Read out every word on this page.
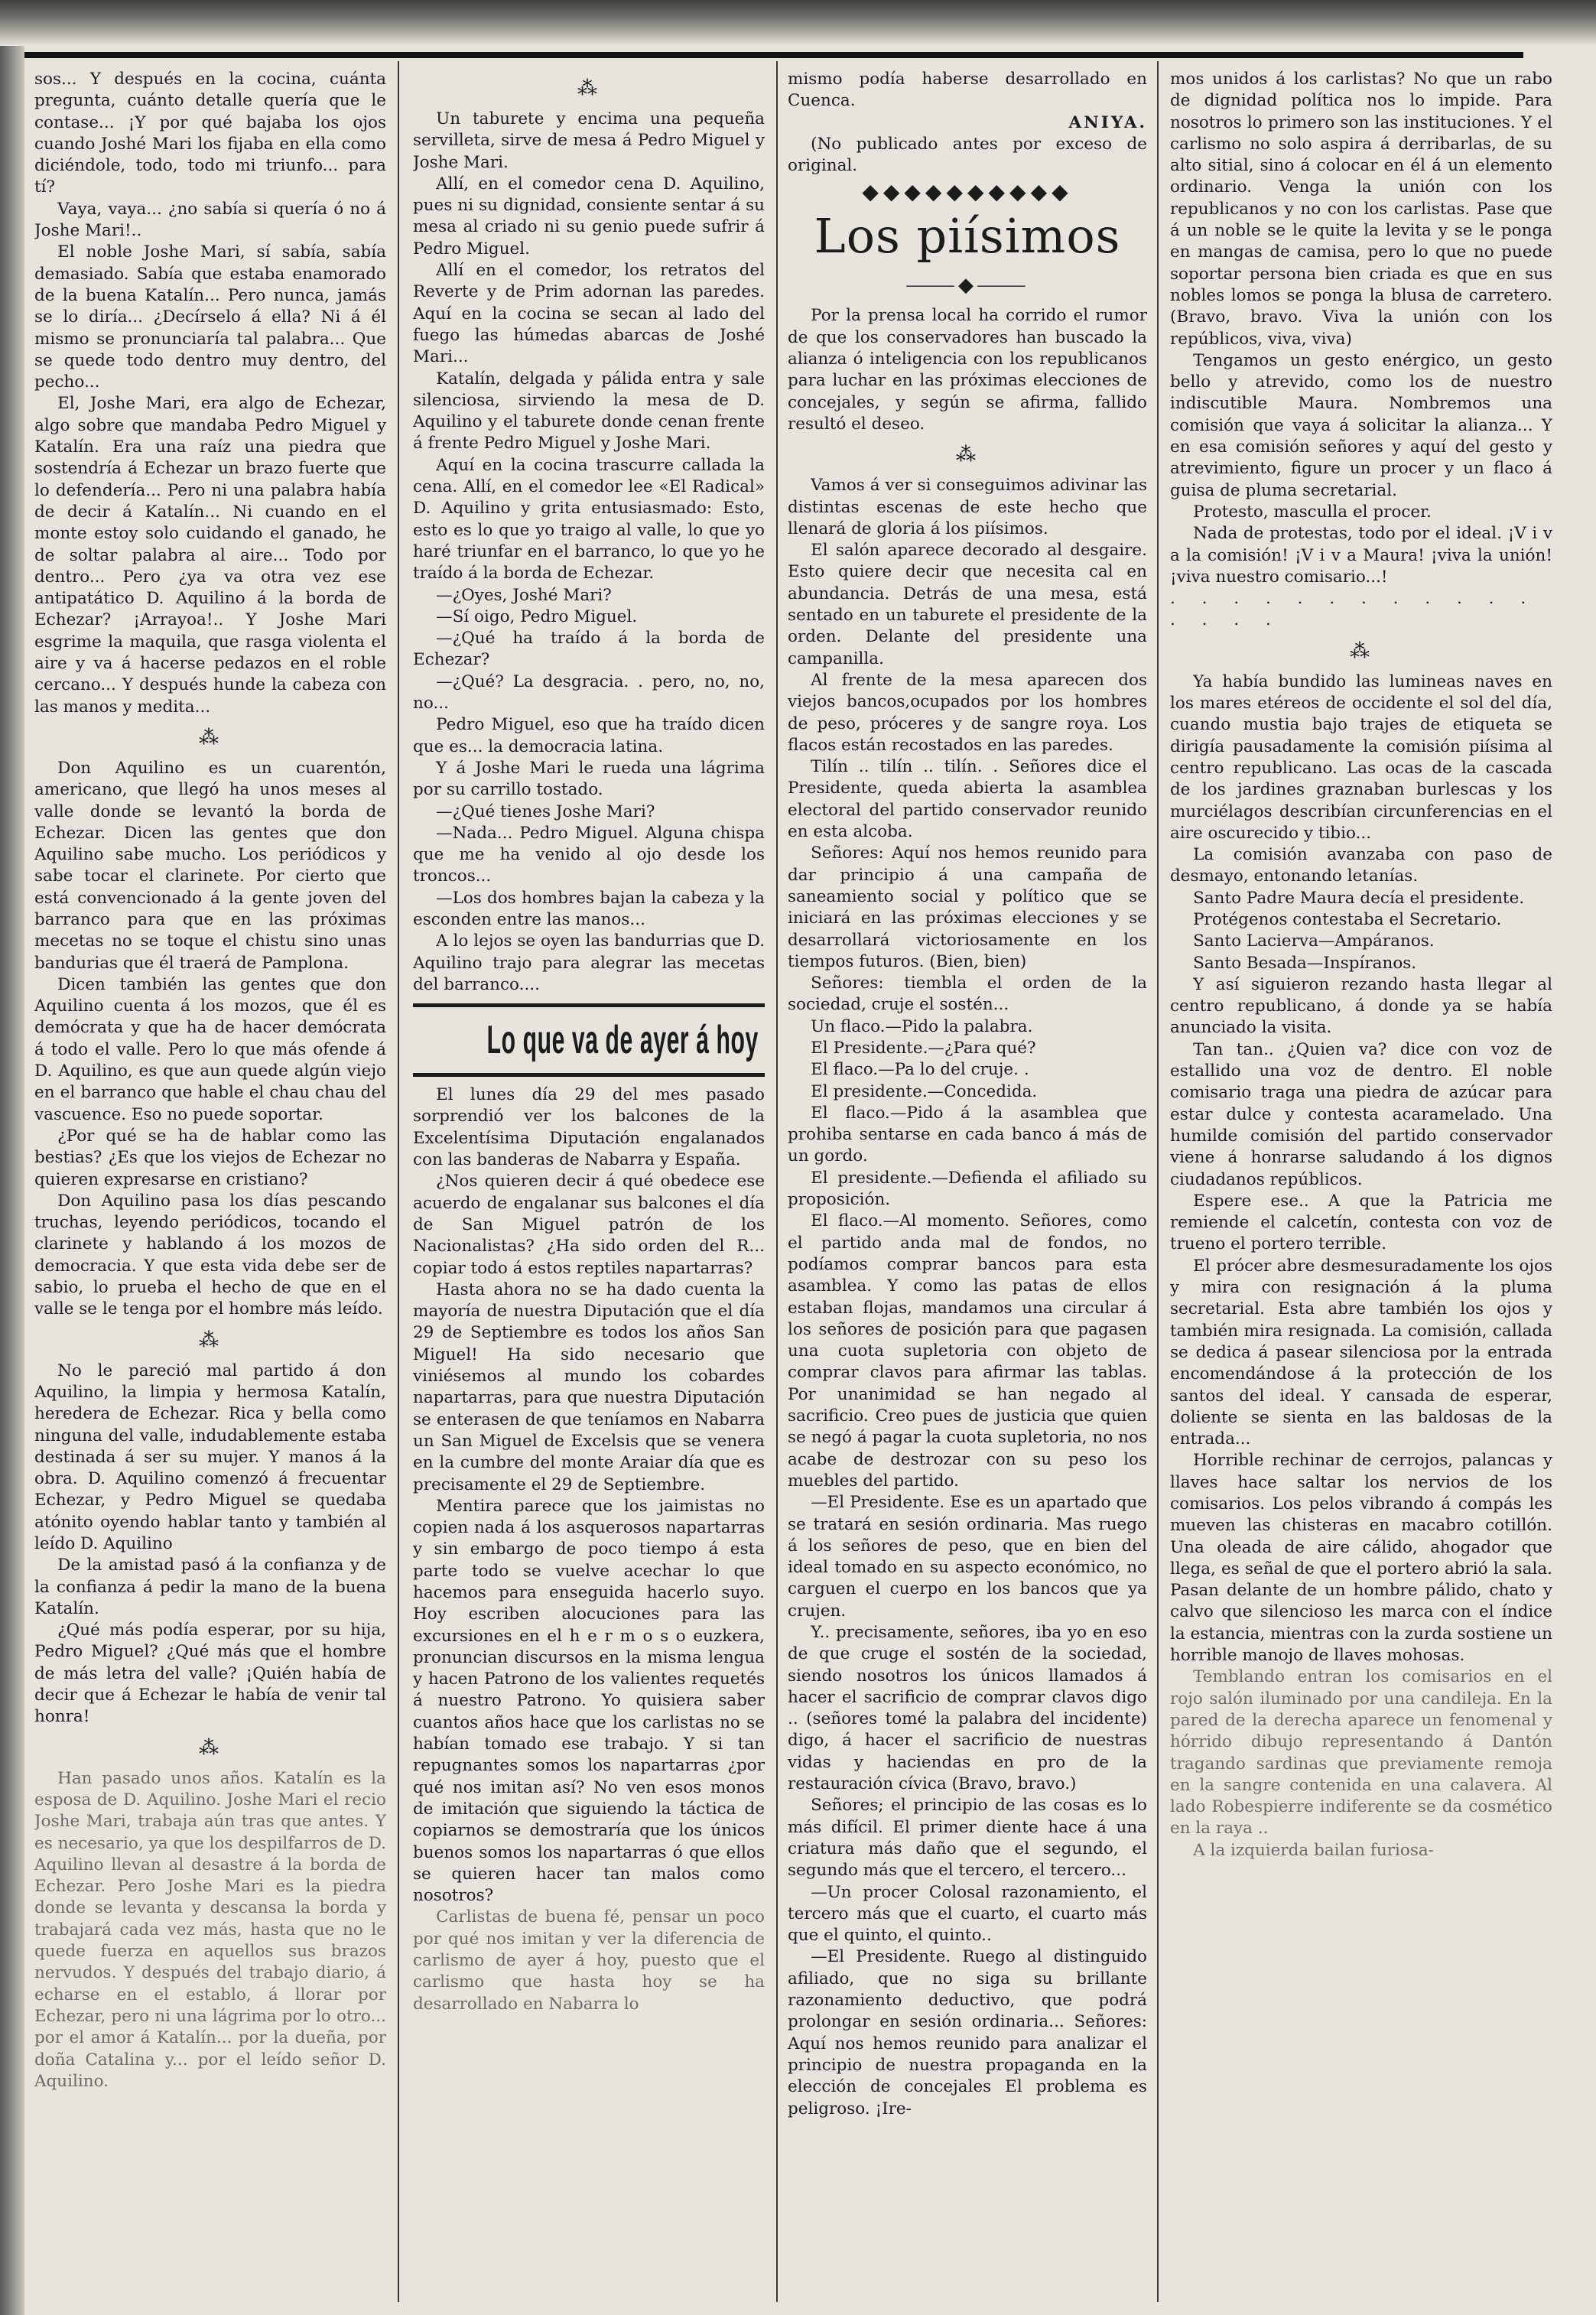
sos... Y después en la cocina, cuánta pregunta, cuánto detalle quería que le contase... ¡Y por qué bajaba los ojos cuando Joshé Mari los fijaba en ella como diciéndole, todo, todo mi triunfo... para tí?

Vaya, vaya... ¿no sabía si quería ó no á Joshe Mari!..

El noble Joshe Mari, sí sabía, sabía demasiado. Sabía que estaba enamorado de la buena Katalín... Pero nunca, jamás se lo diría... ¿Decírselo á ella? Ni á él mismo se pronunciaría tal palabra... Que se quede todo dentro muy dentro, del pecho...

El, Joshe Mari, era algo de Echezar, algo sobre que mandaba Pedro Miguel y Katalín. Era una raíz una piedra que sostendría á Echezar un brazo fuerte que lo defendería... Pero ni una palabra había de decir á Katalín... Ni cuando en el monte estoy solo cuidando el ganado, he de soltar palabra al aire... Todo por dentro... Pero ¿ya va otra vez ese antipatático D. Aquilino á la borda de Echezar? ¡Arrayoa!.. Y Joshe Mari esgrime la maquila, que rasga violenta el aire y va á hacerse pedazos en el roble cercano... Y después hunde la cabeza con las manos y medita...

⁂

Don Aquilino es un cuarentón, americano, que llegó ha unos meses al valle donde se levantó la borda de Echezar. Dicen las gentes que don Aquilino sabe mucho. Los periódicos y sabe tocar el clarinete. Por cierto que está convencionado á la gente joven del barranco para que en las próximas mecetas no se toque el chistu sino unas bandurias que él traerá de Pamplona.

Dicen también las gentes que don Aquilino cuenta á los mozos, que él es demócrata y que ha de hacer demócrata á todo el valle. Pero lo que más ofende á D. Aquilino, es que aun quede algún viejo en el barranco que hable el chau chau del vascuence. Eso no puede soportar.

¿Por qué se ha de hablar como las bestias? ¿Es que los viejos de Echezar no quieren expresarse en cristiano?

Don Aquilino pasa los días pescando truchas, leyendo periódicos, tocando el clarinete y hablando á los mozos de democracia. Y que esta vida debe ser de sabio, lo prueba el hecho de que en el valle se le tenga por el hombre más leído.

⁂

No le pareció mal partido á don Aquilino, la limpia y hermosa Katalín, heredera de Echezar. Rica y bella como ninguna del valle, indudablemente estaba destinada á ser su mujer. Y manos á la obra. D. Aquilino comenzó á frecuentar Echezar, y Pedro Miguel se quedaba atónito oyendo hablar tanto y también al leído D. Aquilino

De la amistad pasó á la confianza y de la confianza á pedir la mano de la buena Katalín.

¿Qué más podía esperar, por su hija, Pedro Miguel? ¿Qué más que el hombre de más letra del valle? ¡Quién había de decir que á Echezar le había de venir tal honra!

⁂

Han pasado unos años. Katalín es la esposa de D. Aquilino. Joshe Mari el recio Joshe Mari, trabaja aún tras que antes. Y es necesario, ya que los despilfarros de D. Aquilino llevan al desastre á la borda de Echezar. Pero Joshe Mari es la piedra donde se levanta y descansa la borda y trabajará cada vez más, hasta que no le quede fuerza en aquellos sus brazos nervudos. Y después del trabajo diario, á echarse en el establo, á llorar por Echezar, pero ni una lágrima por lo otro... por el amor á Katalín... por la dueña, por doña Catalina y... por el leído señor D. Aquilino.

⁂

Un taburete y encima una pequeña servilleta, sirve de mesa á Pedro Miguel y Joshe Mari.

Allí, en el comedor cena D. Aquilino, pues ni su dignidad, consiente sentar á su mesa al criado ni su genio puede sufrir á Pedro Miguel.

Allí en el comedor, los retratos del Reverte y de Prim adornan las paredes. Aquí en la cocina se secan al lado del fuego las húmedas abarcas de Joshé Mari...

Katalín, delgada y pálida entra y sale silenciosa, sirviendo la mesa de D. Aquilino y el taburete donde cenan frente á frente Pedro Miguel y Joshe Mari.

Aquí en la cocina trascurre callada la cena. Allí, en el comedor lee «El Radical» D. Aquilino y grita entusiasmado: Esto, esto es lo que yo traigo al valle, lo que yo haré triunfar en el barranco, lo que yo he traído á la borda de Echezar.

—¿Oyes, Joshé Mari?

—Sí oigo, Pedro Miguel.

—¿Qué ha traído á la borda de Echezar?

—¿Qué? La desgracia. . pero, no, no, no...

Pedro Miguel, eso que ha traído dicen que es... la democracia latina.

Y á Joshe Mari le rueda una lágrima por su carrillo tostado.

—¿Qué tienes Joshe Mari?

—Nada... Pedro Miguel. Alguna chispa que me ha venido al ojo desde los troncos...

—Los dos hombres bajan la cabeza y la esconden entre las manos...

A lo lejos se oyen las bandurrias que D. Aquilino trajo para alegrar las mecetas del barranco....

Lo que va de ayer á hoy

El lunes día 29 del mes pasado sorprendió ver los balcones de la Excelentísima Diputación engalanados con las banderas de Nabarra y España.

¿Nos quieren decir á qué obedece ese acuerdo de engalanar sus balcones el día de San Miguel patrón de los Nacionalistas? ¿Ha sido orden del R... copiar todo á estos reptiles napartarras?

Hasta ahora no se ha dado cuenta la mayoría de nuestra Diputación que el día 29 de Septiembre es todos los años San Miguel! Ha sido necesario que viniésemos al mundo los cobardes napartarras, para que nuestra Diputación se enterasen de que teníamos en Nabarra un San Miguel de Excelsis que se venera en la cumbre del monte Araiar día que es precisamente el 29 de Septiembre.

Mentira parece que los jaimistas no copien nada á los asquerosos napartarras y sin embargo de poco tiempo á esta parte todo se vuelve acechar lo que hacemos para enseguida hacerlo suyo. Hoy escriben alocuciones para las excursiones en el h e r m o s o euzkera, pronuncian discursos en la misma lengua y hacen Patrono de los valientes requetés á nuestro Patrono. Yo quisiera saber cuantos años hace que los carlistas no se habían tomado ese trabajo. Y si tan repugnantes somos los napartarras ¿por qué nos imitan así? No ven esos monos de imitación que siguiendo la táctica de copiarnos se demostraría que los únicos buenos somos los napartarras ó que ellos se quieren hacer tan malos como nosotros?

Carlistas de buena fé, pensar un poco por qué nos imitan y ver la diferencia de carlismo de ayer á hoy, puesto que el carlismo que hasta hoy se ha desarrollado en Nabarra lo

mismo podía haberse desarrollado en Cuenca.

ANIYA.

(No publicado antes por exceso de original.

◆◆◆◆◆◆◆◆◆◆
Los piísimos
⸻◆⸻

Por la prensa local ha corrido el rumor de que los conservadores han buscado la alianza ó inteligencia con los republicanos para luchar en las próximas elecciones de concejales, y según se afirma, fallido resultó el deseo.

⁂

Vamos á ver si conseguimos adivinar las distintas escenas de este hecho que llenará de gloria á los piísimos.

El salón aparece decorado al desgaire. Esto quiere decir que necesita cal en abundancia. Detrás de una mesa, está sentado en un taburete el presidente de la orden. Delante del presidente una campanilla.

Al frente de la mesa aparecen dos viejos bancos,ocupados por los hombres de peso, próceres y de sangre roya. Los flacos están recostados en las paredes.

Tilín .. tilín .. tilín. . Señores dice el Presidente, queda abierta la asamblea electoral del partido conservador reunido en esta alcoba.

Señores: Aquí nos hemos reunido para dar principio á una campaña de saneamiento social y político que se iniciará en las próximas elecciones y se desarrollará victoriosamente en los tiempos futuros. (Bien, bien)

Señores: tiembla el orden de la sociedad, cruje el sostén...

Un flaco.—Pido la palabra.

El Presidente.—¿Para qué?

El flaco.—Pa lo del cruje. .

El presidente.—Concedida.

El flaco.—Pido á la asamblea que prohiba sentarse en cada banco á más de un gordo.

El presidente.—Defienda el afiliado su proposición.

El flaco.—Al momento. Señores, como el partido anda mal de fondos, no podíamos comprar bancos para esta asamblea. Y como las patas de ellos estaban flojas, mandamos una circular á los señores de posición para que pagasen una cuota supletoria con objeto de comprar clavos para afirmar las tablas. Por unanimidad se han negado al sacrificio. Creo pues de justicia que quien se negó á pagar la cuota supletoria, no nos acabe de destrozar con su peso los muebles del partido.

—El Presidente. Ese es un apartado que se tratará en sesión ordinaria. Mas ruego á los señores de peso, que en bien del ideal tomado en su aspecto económico, no carguen el cuerpo en los bancos que ya crujen.

Y.. precisamente, señores, iba yo en eso de que cruge el sostén de la sociedad, siendo nosotros los únicos llamados á hacer el sacrificio de comprar clavos digo .. (señores tomé la palabra del incidente) digo, á hacer el sacrificio de nuestras vidas y haciendas en pro de la restauración cívica (Bravo, bravo.)

Señores; el principio de las cosas es lo más difícil. El primer diente hace á una criatura más daño que el segundo, el segundo más que el tercero, el tercero...

—Un procer Colosal razonamiento, el tercero más que el cuarto, el cuarto más que el quinto, el quinto..

—El Presidente. Ruego al distinguido afiliado, que no siga su brillante razonamiento deductivo, que podrá prolongar en sesión ordinaria... Señores: Aquí nos hemos reunido para analizar el principio de nuestra propaganda en la elección de concejales El problema es peligroso. ¡Ire-

mos unidos á los carlistas? No que un rabo de dignidad política nos lo impide. Para nosotros lo primero son las instituciones. Y el carlismo no solo aspira á derribarlas, de su alto sitial, sino á colocar en él á un elemento ordinario. Venga la unión con los republicanos y no con los carlistas. Pase que á un noble se le quite la levita y se le ponga en mangas de camisa, pero lo que no puede soportar persona bien criada es que en sus nobles lomos se ponga la blusa de carretero. (Bravo, bravo. Viva la unión con los repúblicos, viva, viva)

Tengamos un gesto enérgico, un gesto bello y atrevido, como los de nuestro indiscutible Maura. Nombremos una comisión que vaya á solicitar la alianza... Y en esa comisión señores y aquí del gesto y atrevimiento, figure un procer y un flaco á guisa de pluma secretarial.

Protesto, masculla el procer.

Nada de protestas, todo por el ideal. ¡V i v a la comisión! ¡V i v a Maura! ¡viva la unión! ¡viva nuestro comisario...!

. . . . . . . . . . . . . . . .

⁂

Ya había bundido las lumineas naves en los mares etéreos de occidente el sol del día, cuando mustia bajo trajes de etiqueta se dirigía pausadamente la comisión piísima al centro republicano. Las ocas de la cascada de los jardines graznaban burlescas y los murciélagos describían circunferencias en el aire oscurecido y tibio...

La comisión avanzaba con paso de desmayo, entonando letanías.

Santo Padre Maura decía el presidente.

Protégenos contestaba el Secretario.

Santo Lacierva—Ampáranos.

Santo Besada—Inspíranos.

Y así siguieron rezando hasta llegar al centro republicano, á donde ya se había anunciado la visita.

Tan tan.. ¿Quien va? dice con voz de estallido una voz de dentro. El noble comisario traga una piedra de azúcar para estar dulce y contesta acaramelado. Una humilde comisión del partido conservador viene á honrarse saludando á los dignos ciudadanos repúblicos.

Espere ese.. A que la Patricia me remiende el calcetín, contesta con voz de trueno el portero terrible.

El prócer abre desmesuradamente los ojos y mira con resignación á la pluma secretarial. Esta abre también los ojos y también mira resignada. La comisión, callada se dedica á pasear silenciosa por la entrada encomendándose á la protección de los santos del ideal. Y cansada de esperar, doliente se sienta en las baldosas de la entrada...

Horrible rechinar de cerrojos, palancas y llaves hace saltar los nervios de los comisarios. Los pelos vibrando á compás les mueven las chisteras en macabro cotillón. Una oleada de aire cálido, ahogador que llega, es señal de que el portero abrió la sala. Pasan delante de un hombre pálido, chato y calvo que silencioso les marca con el índice la estancia, mientras con la zurda sostiene un horrible manojo de llaves mohosas.

Temblando entran los comisarios en el rojo salón iluminado por una candileja. En la pared de la derecha aparece un fenomenal y hórrido dibujo representando á Dantón tragando sardinas que previamente remoja en la sangre contenida en una calavera. Al lado Robespierre indiferente se da cosmético en la raya ..

A la izquierda bailan furiosa-
